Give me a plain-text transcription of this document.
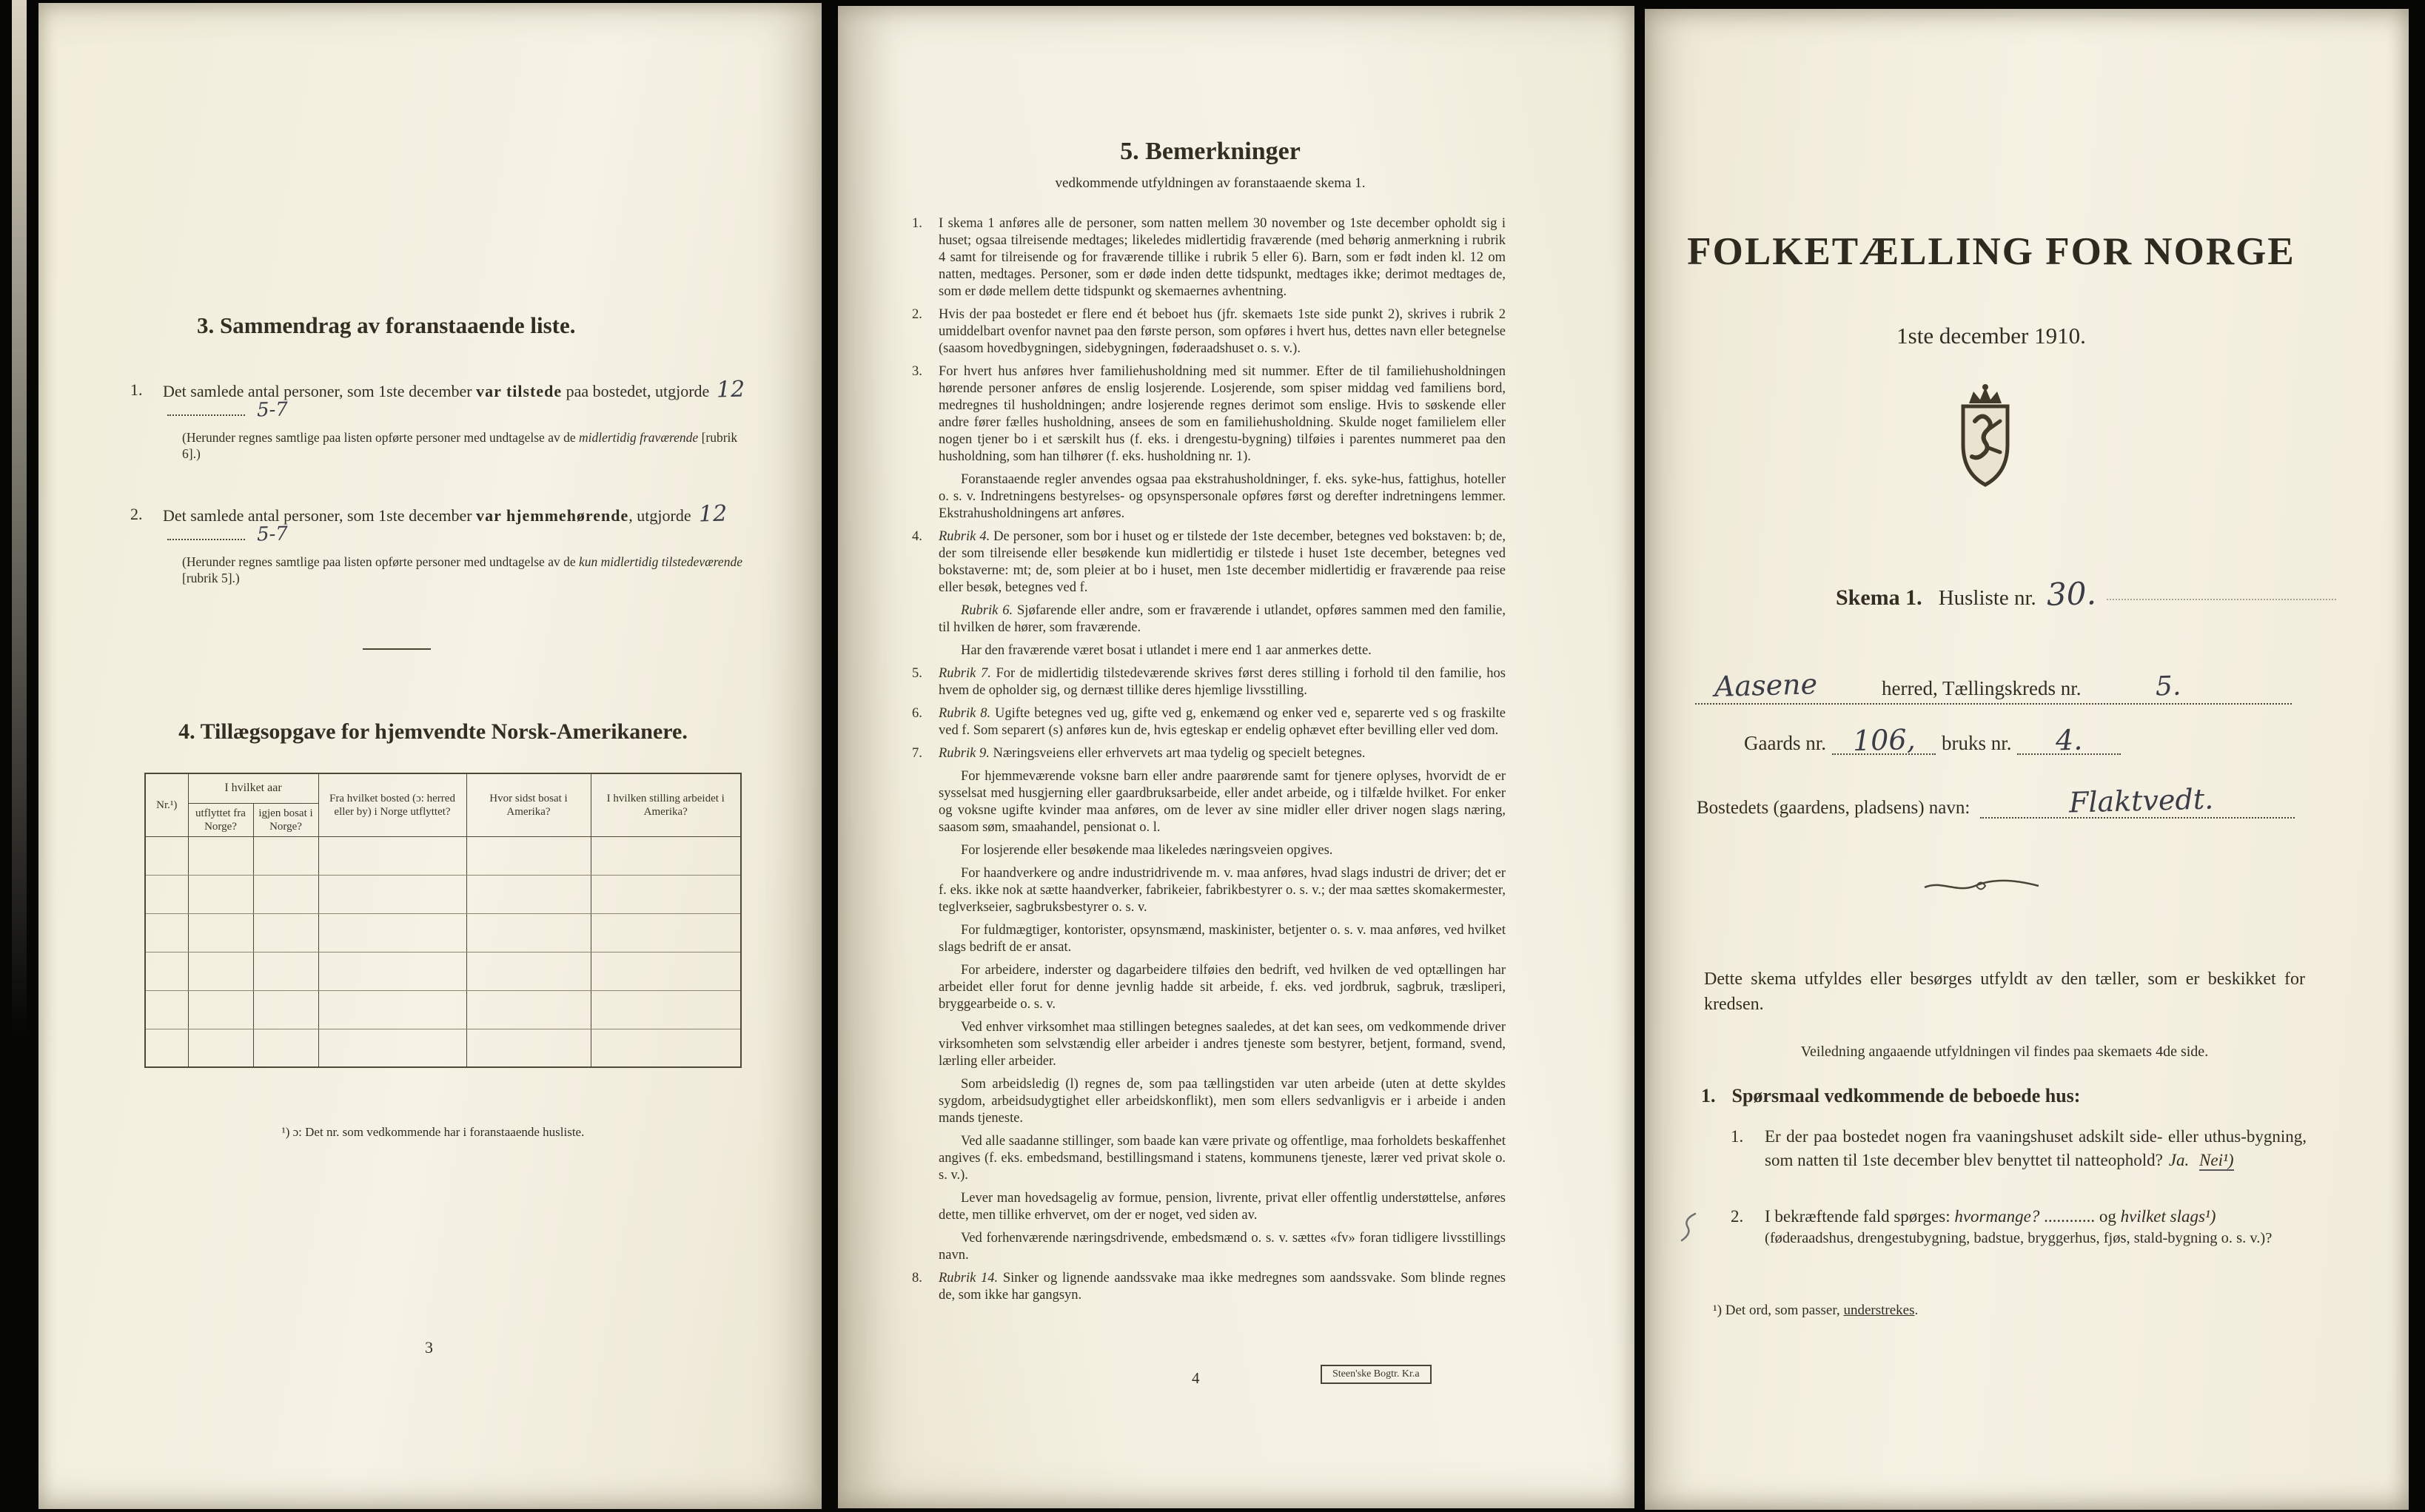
3. Sammendrag av foranstaaende liste.
1. Det samlede antal personer, som 1ste december var tilstede paa bostedet, utgjorde 125-7
(Herunder regnes samtlige paa listen opførte personer med undtagelse av de midlertidig fraværende [rubrik 6].)
2. Det samlede antal personer, som 1ste december var hjemmehørende, utgjorde 125-7
(Herunder regnes samtlige paa listen opførte personer med undtagelse av de kun midlertidig tilstedeværende [rubrik 5].)
4. Tillægsopgave for hjemvendte Norsk-Amerikanere.
Nr.¹)	I hvilket aar		Fra hvilket bosted (ɔ: herred eller by) i Norge utflyttet?	Hvor sidst bosat i Amerika?	I hvilken stilling arbeidet i Amerika?
	utflyttet fra Norge?	igjen bosat i Norge?			

¹) ɔ: Det nr. som vedkommende har i foranstaaende husliste.
3
5. Bemerkninger
vedkommende utfyldningen av foranstaaende skema 1.
1. I skema 1 anføres alle de personer, som natten mellem 30 november og 1ste december opholdt sig i huset; ogsaa tilreisende medtages; likeledes midlertidig fraværende (med behørig anmerkning i rubrik 4 samt for tilreisende og for fraværende tillike i rubrik 5 eller 6). Barn, som er født inden kl. 12 om natten, medtages. Personer, som er døde inden dette tidspunkt, medtages ikke; derimot medtages de, som er døde mellem dette tidspunkt og skemaernes avhentning.
2. Hvis der paa bostedet er flere end ét beboet hus (jfr. skemaets 1ste side punkt 2), skrives i rubrik 2 umiddelbart ovenfor navnet paa den første person, som opføres i hvert hus, dettes navn eller betegnelse (saasom hovedbygningen, sidebygningen, føderaadshuset o. s. v.).
3. For hvert hus anføres hver familiehusholdning med sit nummer. Efter de til familiehusholdningen hørende personer anføres de enslig losjerende. Losjerende, som spiser middag ved familiens bord, medregnes til husholdningen; andre losjerende regnes derimot som enslige. Hvis to søskende eller andre fører fælles husholdning, ansees de som en familiehusholdning. Skulde noget familielem eller nogen tjener bo i et særskilt hus (f. eks. i drengestu-bygning) tilføies i parentes nummeret paa den husholdning, som han tilhører (f. eks. husholdning nr. 1).
Foranstaaende regler anvendes ogsaa paa ekstrahusholdninger, f. eks. syke-hus, fattighus, hoteller o. s. v. Indretningens bestyrelses- og opsynspersonale opføres først og derefter indretningens lemmer. Ekstrahusholdningens art anføres.
4. Rubrik 4. De personer, som bor i huset og er tilstede der 1ste december, betegnes ved bokstaven: b; de, der som tilreisende eller besøkende kun midlertidig er tilstede i huset 1ste december, betegnes ved bokstaverne: mt; de, som pleier at bo i huset, men 1ste december midlertidig er fraværende paa reise eller besøk, betegnes ved f.
Rubrik 6. Sjøfarende eller andre, som er fraværende i utlandet, opføres sammen med den familie, til hvilken de hører, som fraværende.
Har den fraværende været bosat i utlandet i mere end 1 aar anmerkes dette.
5. Rubrik 7. For de midlertidig tilstedeværende skrives først deres stilling i forhold til den familie, hos hvem de opholder sig, og dernæst tillike deres hjemlige livsstilling.
6. Rubrik 8. Ugifte betegnes ved ug, gifte ved g, enkemænd og enker ved e, separerte ved s og fraskilte ved f. Som separert (s) anføres kun de, hvis egteskap er endelig ophævet efter bevilling eller ved dom.
7. Rubrik 9. Næringsveiens eller erhvervets art maa tydelig og specielt betegnes.
For hjemmeværende voksne barn eller andre paarørende samt for tjenere oplyses, hvorvidt de er sysselsat med husgjerning eller gaardbruksarbeide, eller andet arbeide, og i tilfælde hvilket. For enker og voksne ugifte kvinder maa anføres, om de lever av sine midler eller driver nogen slags næring, saasom søm, smaahandel, pensionat o. l.
For losjerende eller besøkende maa likeledes næringsveien opgives.
For haandverkere og andre industridrivende m. v. maa anføres, hvad slags industri de driver; det er f. eks. ikke nok at sætte haandverker, fabrikeier, fabrikbestyrer o. s. v.; der maa sættes skomakermester, teglverkseier, sagbruksbestyrer o. s. v.
For fuldmægtiger, kontorister, opsynsmænd, maskinister, betjenter o. s. v. maa anføres, ved hvilket slags bedrift de er ansat.
For arbeidere, inderster og dagarbeidere tilføies den bedrift, ved hvilken de ved optællingen har arbeidet eller forut for denne jevnlig hadde sit arbeide, f. eks. ved jordbruk, sagbruk, træsliperi, bryggearbeide o. s. v.
Ved enhver virksomhet maa stillingen betegnes saaledes, at det kan sees, om vedkommende driver virksomheten som selvstændig eller arbeider i andres tjeneste som bestyrer, betjent, formand, svend, lærling eller arbeider.
Som arbeidsledig (l) regnes de, som paa tællingstiden var uten arbeide (uten at dette skyldes sygdom, arbeidsudygtighet eller arbeidskonflikt), men som ellers sedvanligvis er i arbeide i anden mands tjeneste.
Ved alle saadanne stillinger, som baade kan være private og offentlige, maa forholdets beskaffenhet angives (f. eks. embedsmand, bestillingsmand i statens, kommunens tjeneste, lærer ved privat skole o. s. v.).
Lever man hovedsagelig av formue, pension, livrente, privat eller offentlig understøttelse, anføres dette, men tillike erhvervet, om der er noget, ved siden av.
Ved forhenværende næringsdrivende, embedsmænd o. s. v. sættes «fv» foran tidligere livsstillings navn.
8. Rubrik 14. Sinker og lignende aandssvake maa ikke medregnes som aandssvake. Som blinde regnes de, som ikke har gangsyn.
4	Steen'ske Bogtr. Kr.a
FOLKETÆLLING FOR NORGE
1ste december 1910.
Skema 1. Husliste nr. 30.
Aasene	herred, Tællingskreds nr.	5.
Gaards nr. 106, bruks nr. 4.
Bostedets (gaardens, pladsens) navn:	Flaktvedt.
Dette skema utfyldes eller besørges utfyldt av den tæller, som er beskikket for kredsen.
Veiledning angaaende utfyldningen vil findes paa skemaets 4de side.
1. Spørsmaal vedkommende de beboede hus:
1. Er der paa bostedet nogen fra vaaningshuset adskilt side- eller uthus-bygning, som natten til 1ste december blev benyttet til natteophold? Ja. Nei¹)
2. I bekræftende fald spørges: hvormange? ............ og hvilket slags¹)
(føderaadshus, drengestubygning, badstue, bryggerhus, fjøs, stald-bygning o. s. v.)?
¹) Det ord, som passer, understrekes.
